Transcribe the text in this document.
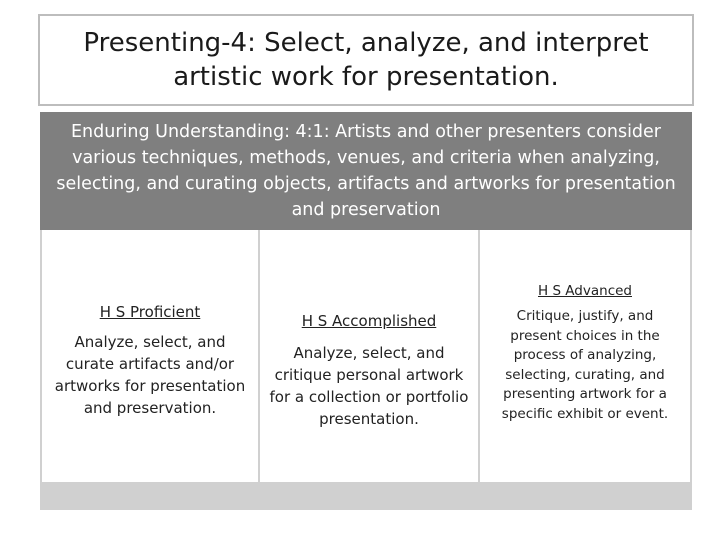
Presenting-4: Select, analyze, and interpret artistic work for presentation.
Enduring Understanding: 4:1: Artists and other presenters consider various techniques, methods, venues, and criteria when analyzing, selecting, and curating objects, artifacts and artworks for presentation and preservation
H S Proficient
Analyze, select, and curate artifacts and/or artworks for presentation and preservation.
H S Accomplished
Analyze, select, and critique personal artwork for a collection or portfolio presentation.
H S Advanced
Critique, justify, and present choices in the process of analyzing, selecting, curating, and presenting artwork for a specific exhibit or event.
